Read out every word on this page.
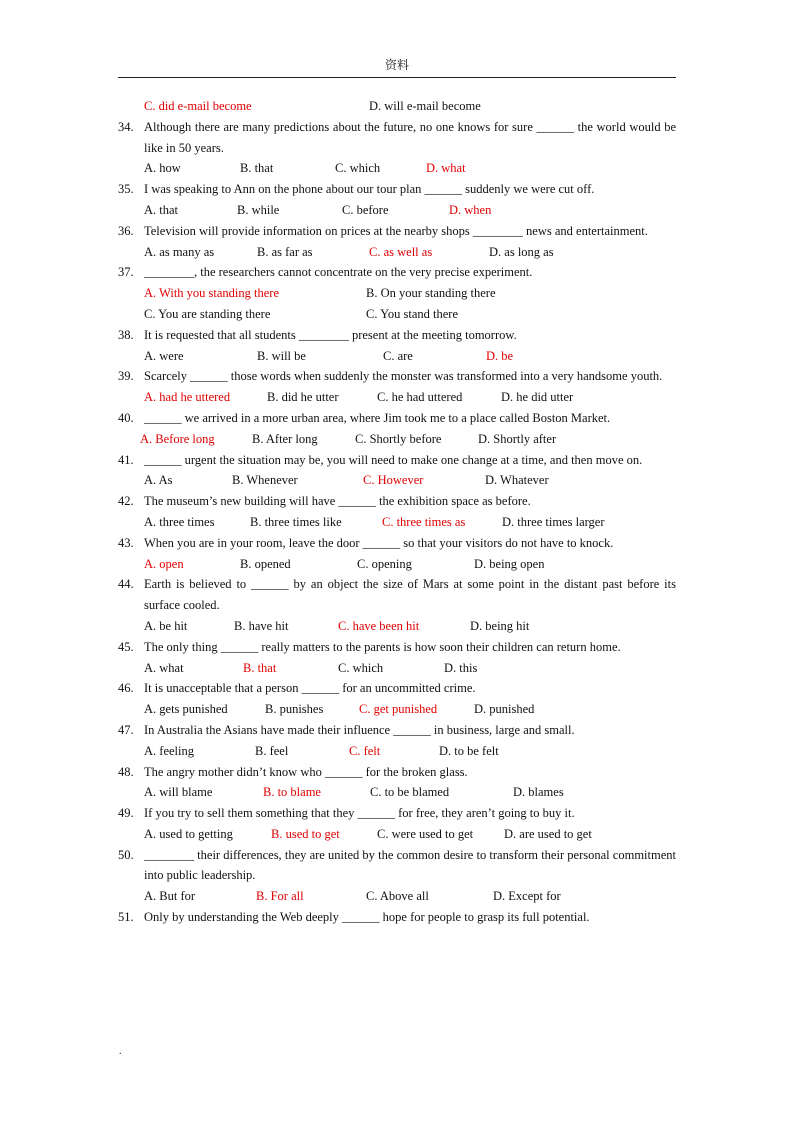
资料
C. did e-mail become	D. will e-mail become
34. Although there are many predictions about the future, no one knows for sure ______ the world would be like in 50 years.
A. how	B. that	C. which	D. what
35. I was speaking to Ann on the phone about our tour plan ______ suddenly we were cut off.
A. that	B. while	C. before	D. when
36. Television will provide information on prices at the nearby shops ________ news and entertainment.
A. as many as	B. as far as	C. as well as	D. as long as
37. ________, the researchers cannot concentrate on the very precise experiment.
A. With you standing there	B. On your standing there
C. You are standing there	C. You stand there
38. It is requested that all students ________ present at the meeting tomorrow.
A. were	B. will be	C. are	D. be
39. Scarcely ______ those words when suddenly the monster was transformed into a very handsome youth.
A. had he uttered	B. did he utter	C. he had uttered	D. he did utter
40. ______ we arrived in a more urban area, where Jim took me to a place called Boston Market.
A. Before long	B. After long	C. Shortly before	D. Shortly after
41. ______ urgent the situation may be, you will need to make one change at a time, and then move on.
A. As	B. Whenever	C. However	D. Whatever
42. The museum’s new building will have ______ the exhibition space as before.
A. three times	B. three times like	C. three times as	D. three times larger
43. When you are in your room, leave the door ______ so that your visitors do not have to knock.
A. open	B. opened	C. opening	D. being open
44. Earth is believed to ______ by an object the size of Mars at some point in the distant past before its surface cooled.
A. be hit	B. have hit	C. have been hit	D. being hit
45. The only thing ______ really matters to the parents is how soon their children can return home.
A. what	B. that	C. which	D. this
46. It is unacceptable that a person ______ for an uncommitted crime.
A. gets punished	B. punishes	C. get punished	D. punished
47. In Australia the Asians have made their influence ______ in business, large and small.
A. feeling	B. feel	C. felt	D. to be felt
48. The angry mother didn’t know who ______ for the broken glass.
A. will blame	B. to blame	C. to be blamed	D. blames
49. If you try to sell them something that they ______ for free, they aren’t going to buy it.
A. used to getting	B. used to get	C. were used to get D. are used to get
50. ________ their differences, they are united by the common desire to transform their personal commitment into public leadership.
A. But for	B. For all	C. Above all	D. Except for
51. Only by understanding the Web deeply ______ hope for people to grasp its full potential.
.
